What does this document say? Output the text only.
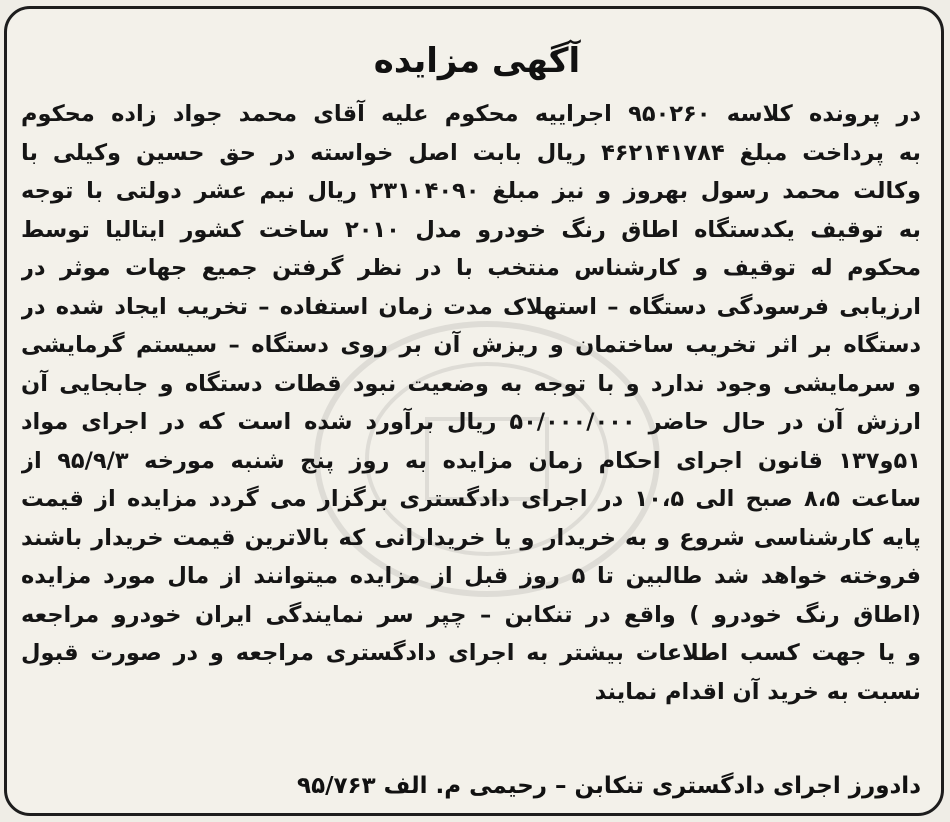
آگهی مزایده
در پرونده کلاسه ۹۵۰۲۶۰ اجراییه محکوم علیه آقای محمد جواد زاده محکوم
به پرداخت مبلغ ۴۶۲۱۴۱۷۸۴ ریال بابت اصل خواسته در حق حسین وکیلی با
وکالت محمد رسول بهروز و نیز مبلغ ۲۳۱۰۴۰۹۰ ریال نیم عشر دولتی با توجه
به توقیف یکدستگاه اطاق رنگ خودرو مدل ۲۰۱۰ ساخت کشور ایتالیا توسط
محکوم له توقیف و کارشناس منتخب با در نظر گرفتن جمیع جهات موثر در
ارزیابی فرسودگی دستگاه – استهلاک مدت زمان استفاده – تخریب ایجاد شده در
دستگاه بر اثر تخریب ساختمان و ریزش آن بر روی دستگاه – سیستم گرمایشی
و سرمایشی وجود ندارد و با توجه به وضعیت نبود قطات دستگاه و جابجایی آن
ارزش آن در حال حاضر ۵۰/۰۰۰/۰۰۰ ریال برآورد شده است که در اجرای مواد
۵۱و۱۳۷ قانون اجرای احکام زمان مزایده به روز پنج شنبه مورخه ۹۵/۹/۳ از
ساعت ۸،۵ صبح الی ۱۰،۵ در اجرای دادگستری برگزار می گردد مزایده از قیمت
پایه کارشناسی شروع و به خریدار و یا خریدارانی که بالاترین قیمت خریدار باشند
فروخته خواهد شد طالبین تا ۵ روز قبل از مزایده میتوانند از مال مورد مزایده
(اطاق رنگ خودرو ) واقع در تنکابن – چپر سر نمایندگی ایران خودرو مراجعه
و یا جهت کسب اطلاعات بیشتر به اجرای دادگستری مراجعه و در صورت قبول
نسبت به خرید آن اقدام نمایند
دادورز اجرای دادگستری تنکابن – رحیمی م. الف ۹۵/۷۶۳
